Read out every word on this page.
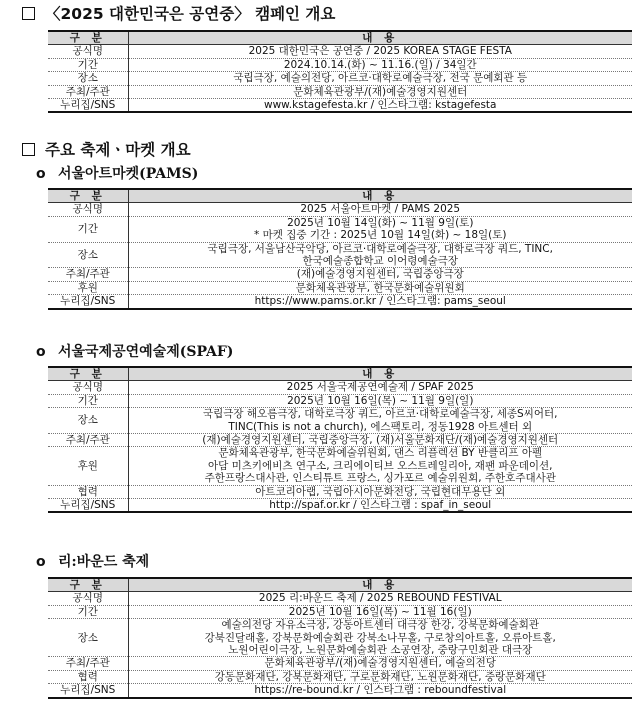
〈2025 대한민국은 공연중〉 캠페인 개요
구 분	내 용
공식명	2025 대한민국은 공연중 / 2025 KOREA STAGE FESTA

기간	2024.10.14.(화) ~ 11.16.(일) / 34일간

장소	국립극장, 예술의전당, 아르코·대학로예술극장, 전국 문예회관 등

주최/주관	문화체육관광부/(재)예술경영지원센터

누리집/SNS	www.kstagefesta.kr / 인스타그램: kstagefesta
주요 축제ㆍ마켓 개요
o 서울아트마켓(PAMS)
구 분	내 용
공식명	2025 서울아트마켓 / PAMS 2025

기간	2025년 10월 14일(화) ~ 11월 9일(토)
* 마켓 집중 기간 : 2025년 10월 14일(화) ~ 18일(토)

장소	국립극장, 서울남산국악당, 아르코·대학로예술극장, 대학로극장 쿼드, TINC,
한국예술종합학교 이어령예술극장

주최/주관	(재)예술경영지원센터, 국립중앙극장

후원	문화체육관광부, 한국문화예술위원회

누리집/SNS	https://www.pams.or.kr / 인스타그램: pams_seoul
o 서울국제공연예술제(SPAF)
구 분	내 용
공식명	2025 서울국제공연예술제 / SPAF 2025

기간	2025년 10월 16일(목) ~ 11월 9일(일)

장소	국립극장 해오름극장, 대학로극장 쿼드, 아르코·대학로예술극장, 세종S씨어터,
TINC(This is not a church), 에스팩토리, 정동1928 아트센터 외

주최/주관	(재)예술경영지원센터, 국립중앙극장, (재)서울문화재단/(재)예술경영지원센터

후원	문화체육관광부, 한국문화예술위원회, 댄스 리플렉션 BY 반클리프 아펠
아담 미츠키에비츠 연구소, 크리에이티브 오스트레일리아, 재팬 파운데이션,
주한프랑스대사관, 인스티튜트 프랑스, 싱가포르 예술위원회, 주한호주대사관

협력	아트코리아랩, 국립아시아문화전당, 국립현대무용단 외

누리집/SNS	http://spaf.or.kr / 인스타그램 : spaf_in_seoul
o 리:바운드 축제
구 분	내 용
공식명	2025 리:바운드 축제 / 2025 REBOUND FESTIVAL

기간	2025년 10월 16일(목) ~ 11월 16(일)

장소	예술의전당 자유소극장, 강동아트센터 대극장 한강, 강북문화예술회관
강북진달래홀, 강북문화예술회관 강북소나무홀, 구로창의아트홀, 오류아트홀,
노원어린이극장, 노원문화예술회관 소공연장, 중랑구민회관 대극장

주최/주관	문화체육관광부/(재)예술경영지원센터, 예술의전당

협력	강동문화재단, 강북문화재단, 구로문화재단, 노원문화재단, 중랑문화재단

누리집/SNS	https://re-bound.kr / 인스타그램 : reboundfestival
